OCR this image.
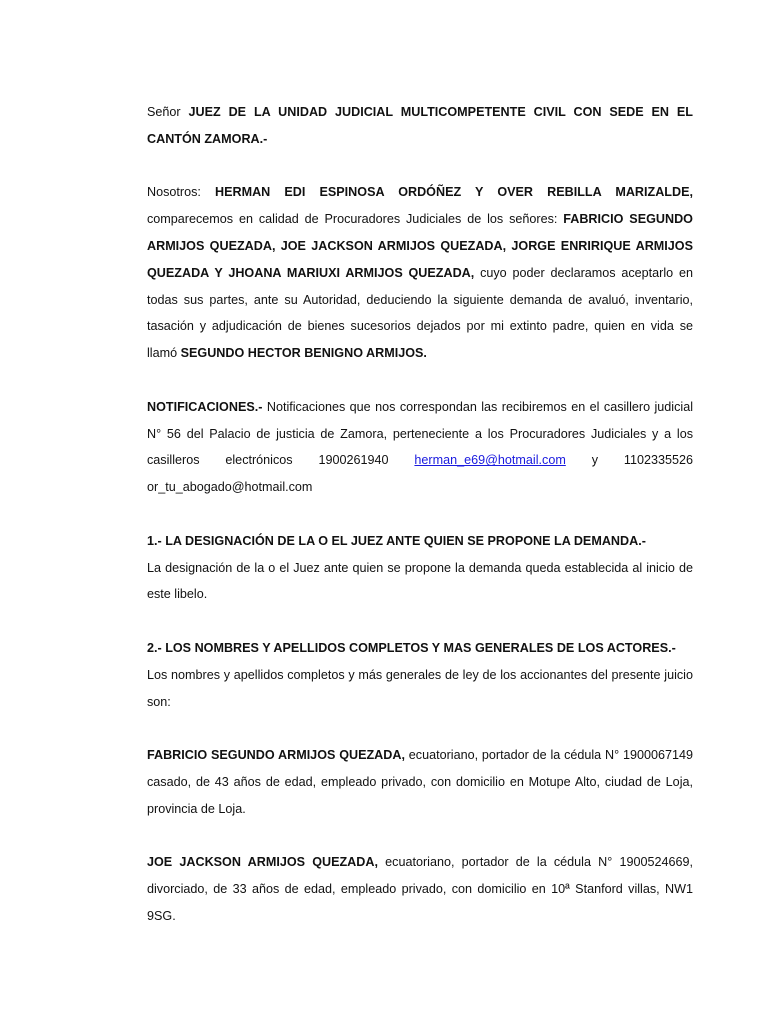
Señor JUEZ DE LA UNIDAD JUDICIAL MULTICOMPETENTE CIVIL CON SEDE EN EL CANTÓN ZAMORA.-

Nosotros: HERMAN EDI ESPINOSA ORDÓÑEZ Y OVER REBILLA MARIZALDE, comparecemos en calidad de Procuradores Judiciales de los señores: FABRICIO SEGUNDO ARMIJOS QUEZADA, JOE JACKSON ARMIJOS QUEZADA, JORGE ENRIRIQUE ARMIJOS QUEZADA Y JHOANA MARIUXI ARMIJOS QUEZADA, cuyo poder declaramos aceptarlo en todas sus partes, ante su Autoridad, deduciendo la siguiente demanda de avaluó, inventario, tasación y adjudicación de bienes sucesorios dejados por mi extinto padre, quien en vida se llamó SEGUNDO HECTOR BENIGNO ARMIJOS.

NOTIFICACIONES.- Notificaciones que nos correspondan las recibiremos en el casillero judicial N° 56 del Palacio de justicia de Zamora, perteneciente a los Procuradores Judiciales y a los casilleros electrónicos 1900261940 herman_e69@hotmail.com y 1102335526 or_tu_abogado@hotmail.com

1.- LA DESIGNACIÓN DE LA O EL JUEZ ANTE QUIEN SE PROPONE LA DEMANDA.-

La designación de la o el Juez ante quien se propone la demanda queda establecida al inicio de este libelo.

2.- LOS NOMBRES Y APELLIDOS COMPLETOS Y MAS GENERALES DE LOS ACTORES.-

Los nombres y apellidos completos y más generales de ley de los accionantes del presente juicio son:

FABRICIO SEGUNDO ARMIJOS QUEZADA, ecuatoriano, portador de la cédula N° 1900067149 casado, de 43 años de edad, empleado privado, con domicilio en Motupe Alto, ciudad de Loja, provincia de Loja.

JOE JACKSON ARMIJOS QUEZADA, ecuatoriano, portador de la cédula N° 1900524669, divorciado, de 33 años de edad, empleado privado, con domicilio en 10ª Stanford villas, NW1 9SG.
